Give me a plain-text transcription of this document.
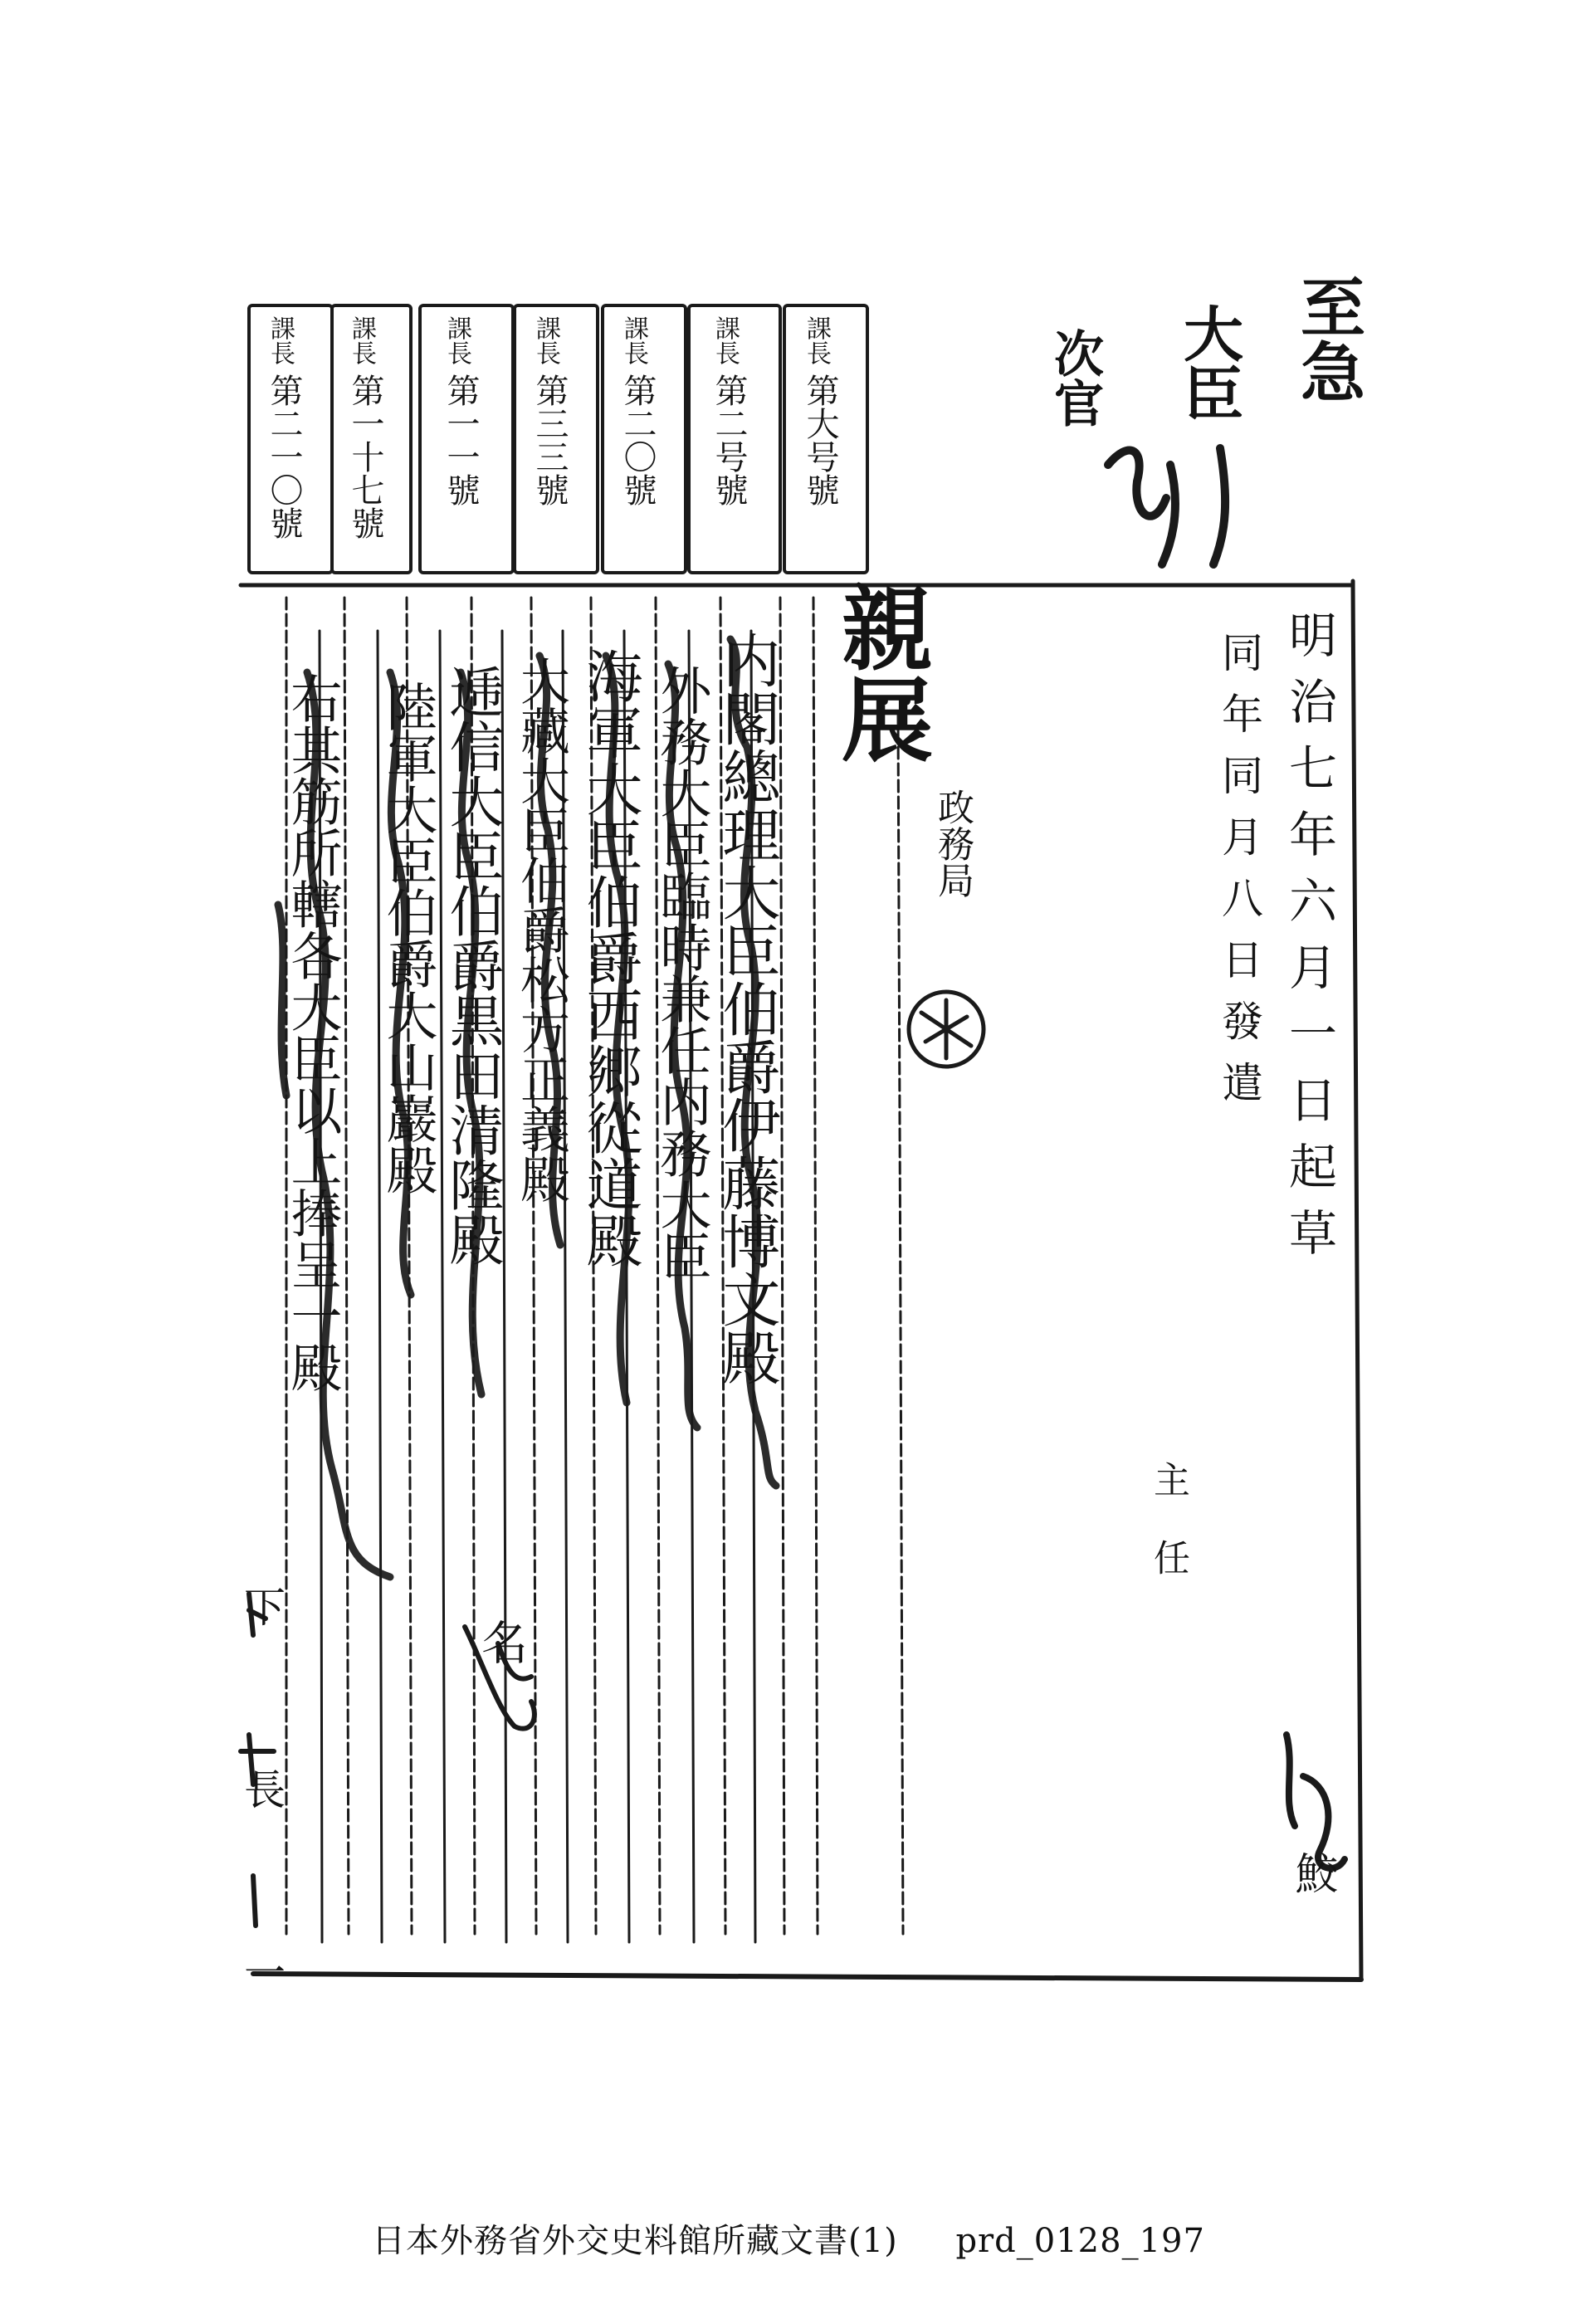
至急
大臣
次官
課長
第二一〇號
課長
第一十七號
課長
第一一號
課長
第三三號
課長
第二〇號
課長
第二号號
課長
第大号號
親展
政務局	明治七年六月一日起草
同年同月八日發遣
主任
鮫
内閣總理大臣伯爵伊藤博文殿
外務大臣臨時兼任内務大臣
海軍大臣伯爵西郷從道殿
大藏大臣伯爵松方正義殿
陸軍大臣伯爵大山巖殿 逓信大臣伯爵黒田清隆殿
右其筋所轄各大臣以上捧呈一殿
名
下　長　一
日本外務省外交史料館所藏文書(1) prd_0128_197
